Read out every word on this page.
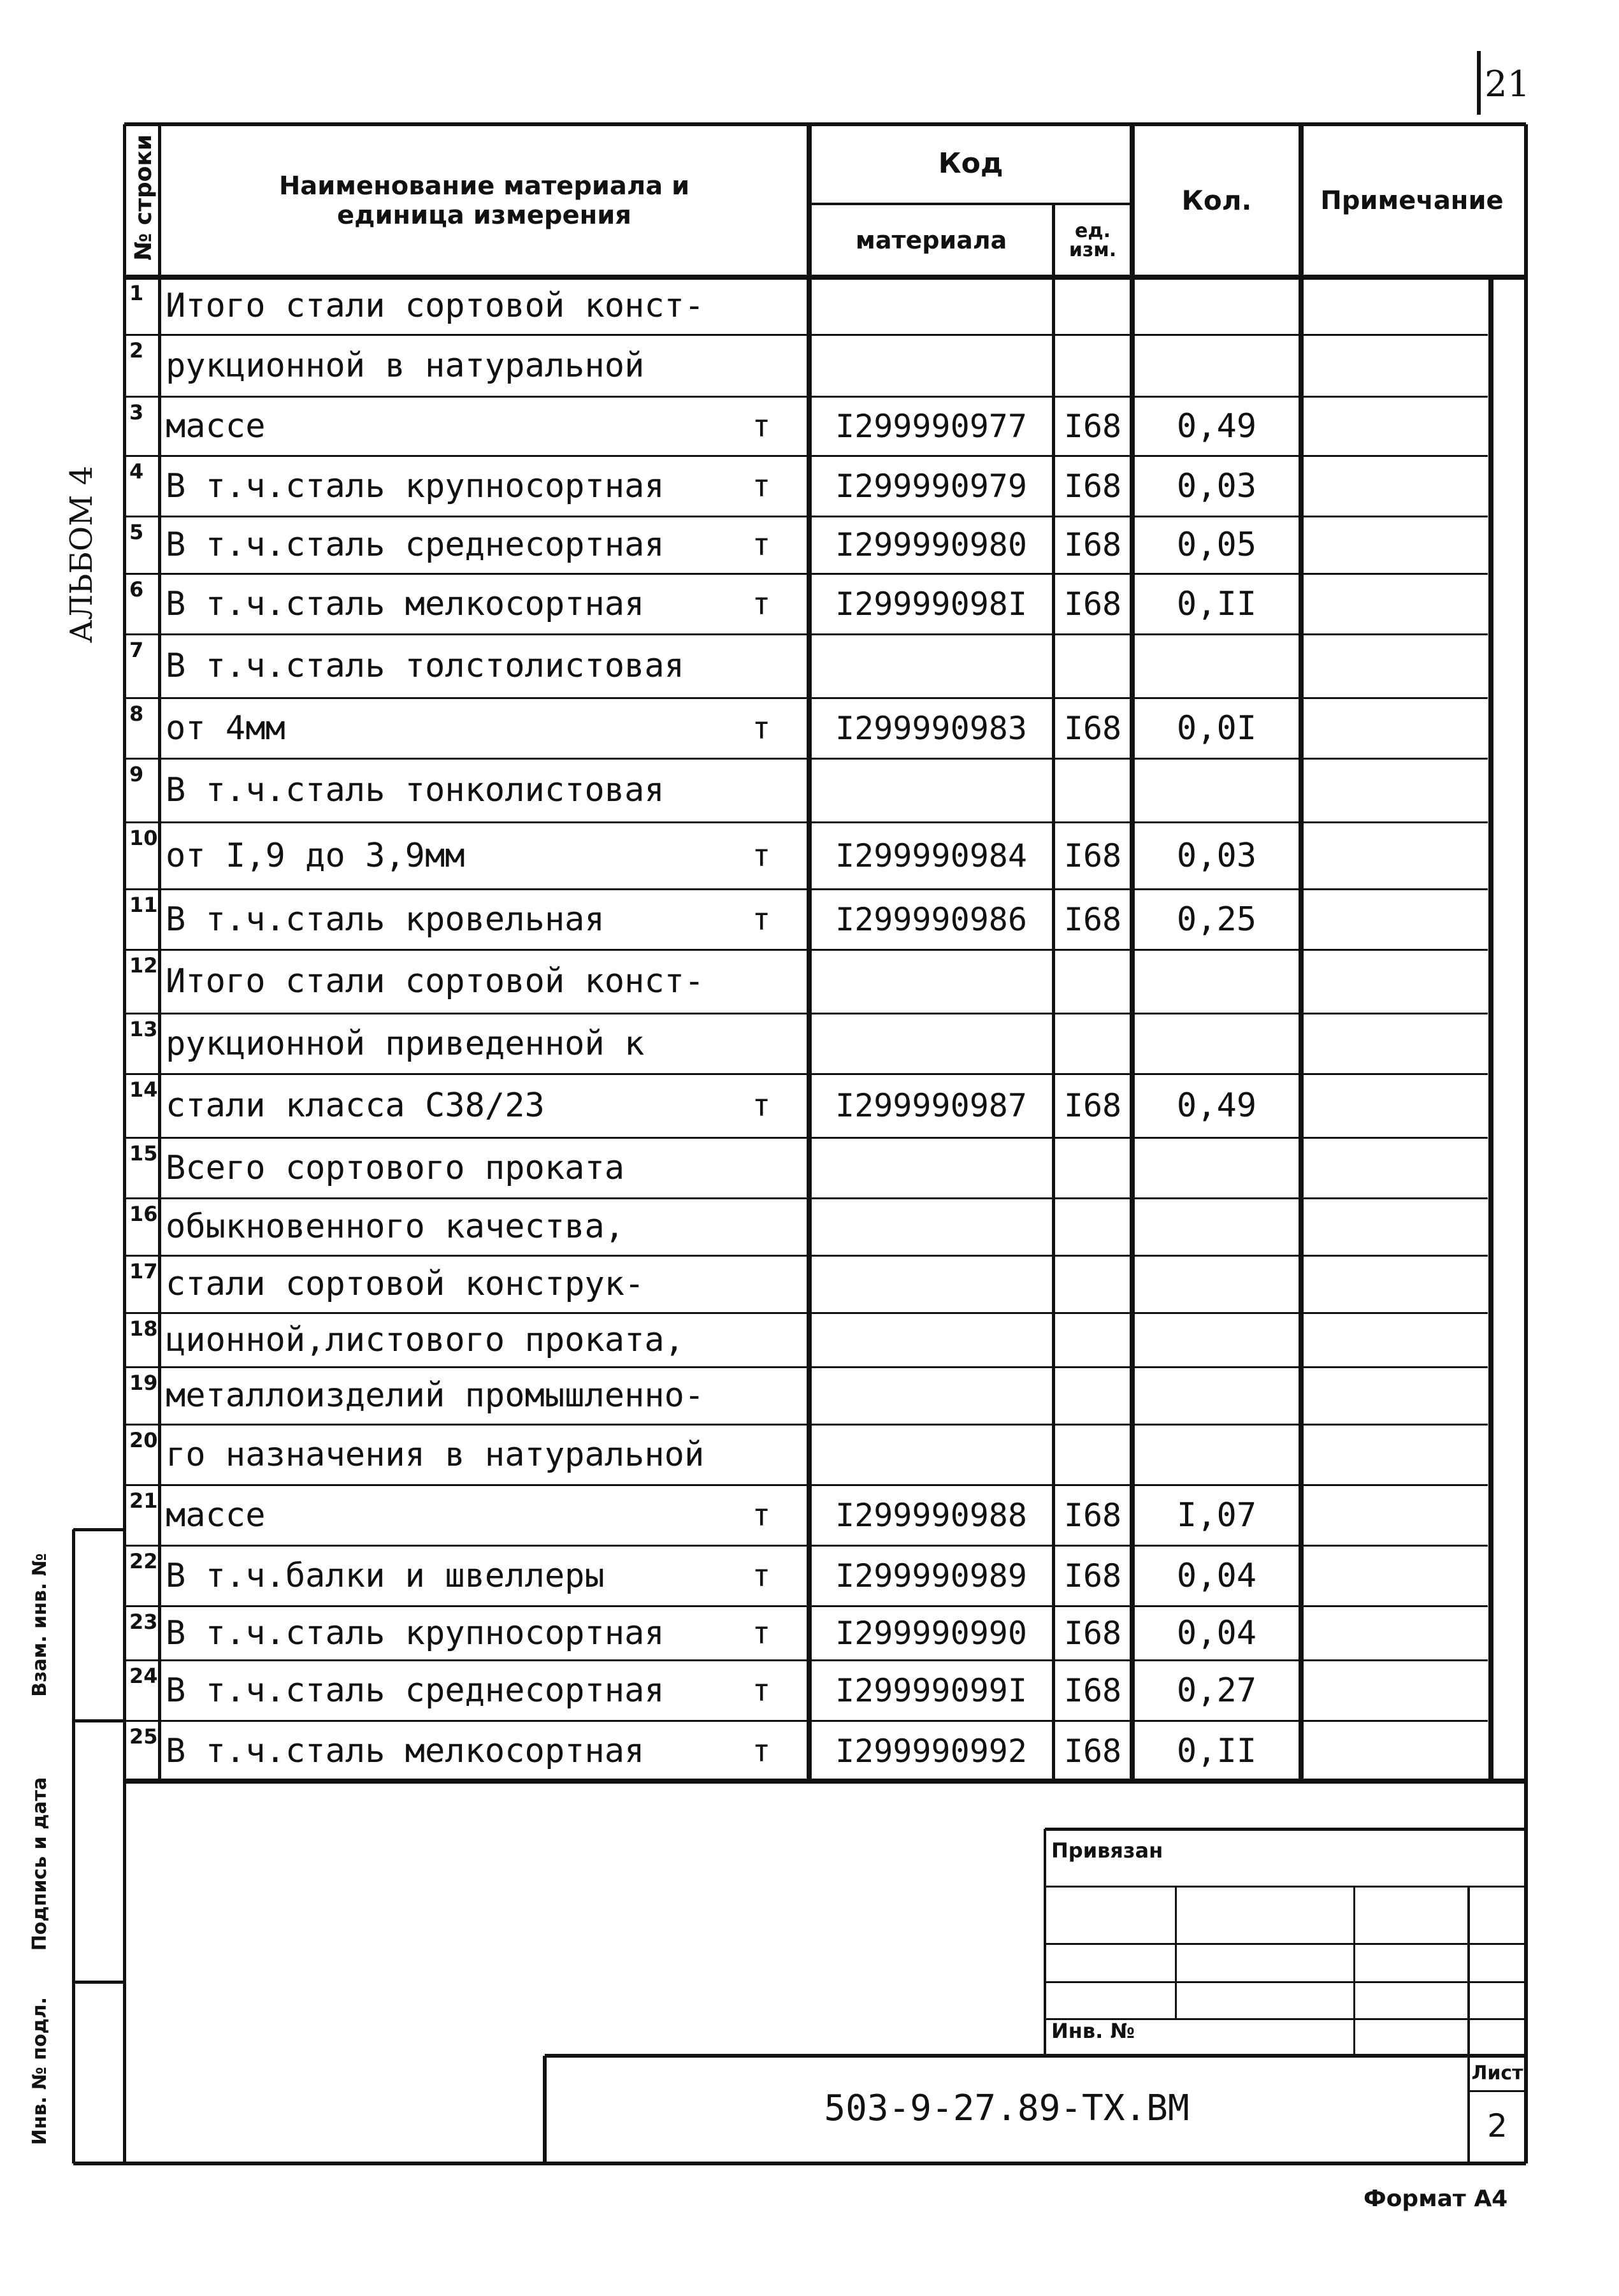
21
АЛЬБОМ 4
1 Итого стали сортовой конст-
2 рукционной в натуральной
3 массе	т	I299990977	I68	0,49
4 В т.ч.сталь крупносортная	т	I299990979	I68	0,03
5 В т.ч.сталь среднесортная	т	I299990980	I68	0,05
6 В т.ч.сталь мелкосортная	т	I29999098I	I68	0,II
7 В т.ч.сталь толстолистовая
8 от 4мм	т	I299990983	I68	0,0I
9 В т.ч.сталь тонколистовая
10 от I,9 до 3,9мм	т	I299990984	I68	0,03
11 В т.ч.сталь кровельная	т	I299990986	I68	0,25
12 Итого стали сортовой конст-
13 рукционной приведенной к
14 стали класса С38/23	т	I299990987	I68	0,49
15 Всего сортового проката
16 обыкновенного качества,
17 стали сортовой конструк-
18 ционной,листового проката,
19 металлоизделий промышленно-
20 го назначения в натуральной
21 массе	т	I299990988	I68	I,07
22 В т.ч.балки и швеллеры	т	I299990989	I68	0,04
23 В т.ч.сталь крупносортная	т	I299990990	I68	0,04
24 В т.ч.сталь среднесортная	т	I29999099I	I68	0,27
25 В т.ч.сталь мелкосортная	т	I299990992	I68	0,II
№ строки	Наименование материала и
единица измерения
Код
материала	ед.
изм.
Кол.	Примечание
Взам. инв. №
Подпись и дата
Инв. № подл.
Привязан
Инв. №
503-9-27.89-ТХ.ВМ
Лист
2
Формат А4
